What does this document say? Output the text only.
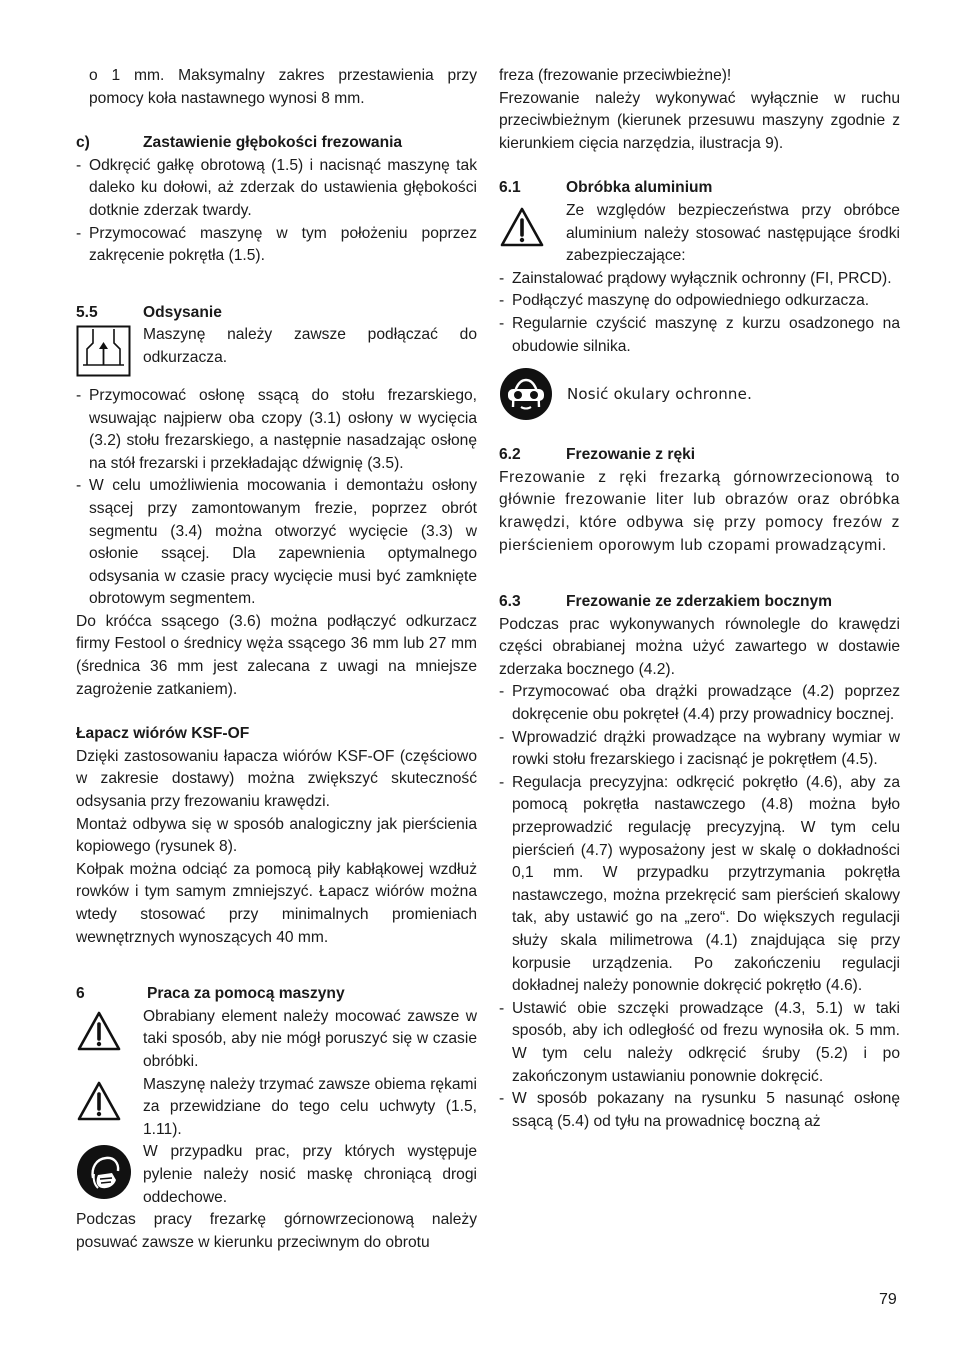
o 1 mm. Maksymalny zakres przestawienia przy pomocy koła nastawnego wynosi 8 mm.

c)	Zastawienie głębokości frezowania
- Odkręcić gałkę obrotową (1.5) i nacisnąć maszynę tak daleko ku dołowi, aż zderzak do ustawienia głębokości dotknie zderzak twardy.
- Przymocować maszynę w tym położeniu poprzez zakręcenie pokrętła (1.5).
5.5	Odsysanie
Maszynę należy zawsze podłączać do odkurzacza.
- Przymocować osłonę ssącą do stołu frezarskiego, wsuwając najpierw oba czopy (3.1) osłony w wycięcia (3.2) stołu frezarskiego, a następnie nasadzając osłonę na stół frezarski i przekładając dźwignię (3.5).
- W celu umożliwienia mocowania i demontażu osłony ssącej przy zamontowanym frezie, poprzez obrót segmentu (3.4) można otworzyć wycięcie (3.3) w osłonie ssącej. Dla zapewnienia optymalnego odsysania w czasie pracy wycięcie musi być zamknięte obrotowym segmentem.

Do króćca ssącego (3.6) można podłączyć odkurzacz firmy Festool o średnicy węża ssącego 36 mm lub 27 mm (średnica 36 mm jest zalecana z uwagi na mniejsze zagrożenie zatkaniem).

Łapacz wiórów KSF-OF

Dzięki zastosowaniu łapacza wiórów KSF-OF (częściowo w zakresie dostawy) można zwiększyć skuteczność odsysania przy frezowaniu krawędzi.

Montaż odbywa się w sposób analogiczny jak pierścienia kopiowego (rysunek 8).

Kołpak można odciąć za pomocą piły kabłąkowej wzdłuż rowków i tym samym zmniejszyć. Łapacz wiórów można wtedy stosować przy minimalnych promieniach wewnętrznych wynoszących 40 mm.

6	Praca za pomocą maszyny
Obrabiany element należy mocować zawsze w taki sposób, aby nie mógł poruszyć się w czasie obróbki.
Maszynę należy trzymać zawsze obiema rękami za przewidziane do tego celu uchwyty (1.5, 1.11).
W przypadku prac, przy których występuje pylenie należy nosić maskę chroniącą drogi oddechowe.

Podczas pracy frezarkę górnowrzecionową należy posuwać zawsze w kierunku przeciwnym do obrotu

freza (frezowanie przeciwbieżne)!

Frezowanie należy wykonywać wyłącznie w ruchu przeciwbieżnym (kierunek przesuwu maszyny zgodnie z kierunkiem cięcia narzędzia, ilustracja 9).

6.1	Obróbka aluminium
Ze względów bezpieczeństwa przy obróbce aluminium należy stosować następujące środki zabezpieczające:
- Zainstalować prądowy wyłącznik ochronny (FI, PRCD).
- Podłączyć maszynę do odpowiedniego odkurzacza.
- Regularnie czyścić maszynę z kurzu osadzonego na obudowie silnika.
Nosić okulary ochronne.
6.2	Frezowanie z ręki

Frezowanie z ręki frezarką górnowrzecionową to głównie frezowanie liter lub obrazów oraz obróbka krawędzi, które odbywa się przy pomocy frezów z pierścieniem oporowym lub czopami prowadzącymi.

6.3	Frezowanie ze zderzakiem bocznym

Podczas prac wykonywanych równolegle do krawędzi części obrabianej można użyć zawartego w dostawie zderzaka bocznego (4.2).

- Przymocować oba drążki prowadzące (4.2) poprzez dokręcenie obu pokręteł (4.4) przy prowadnicy bocznej.
- Wprowadzić drążki prowadzące na wybrany wymiar w rowki stołu frezarskiego i zacisnąć je pokrętłem (4.5).
- Regulacja precyzyjna: odkręcić pokrętło (4.6), aby za pomocą pokrętła nastawczego (4.8) można było przeprowadzić regulację precyzyjną. W tym celu pierścień (4.7) wyposażony jest w skalę o dokładności 0,1 mm. W przypadku przytrzymania pokrętła nastawczego, można przekręcić sam pierścień skalowy tak, aby ustawić go na „zero“. Do większych regulacji służy skala milimetrowa (4.1) znajdująca się przy korpusie urządzenia. Po zakończeniu regulacji dokładnej należy ponownie dokręcić pokrętło (4.6).
- Ustawić obie szczęki prowadzące (4.3, 5.1) w taki sposób, aby ich odległość od frezu wynosiła ok. 5 mm. W tym celu należy odkręcić śruby (5.2) i po zakończonym ustawianiu ponownie dokręcić.
- W sposób pokazany na rysunku 5 nasunąć osłonę ssącą (5.4) od tyłu na prowadnicę boczną aż
79
